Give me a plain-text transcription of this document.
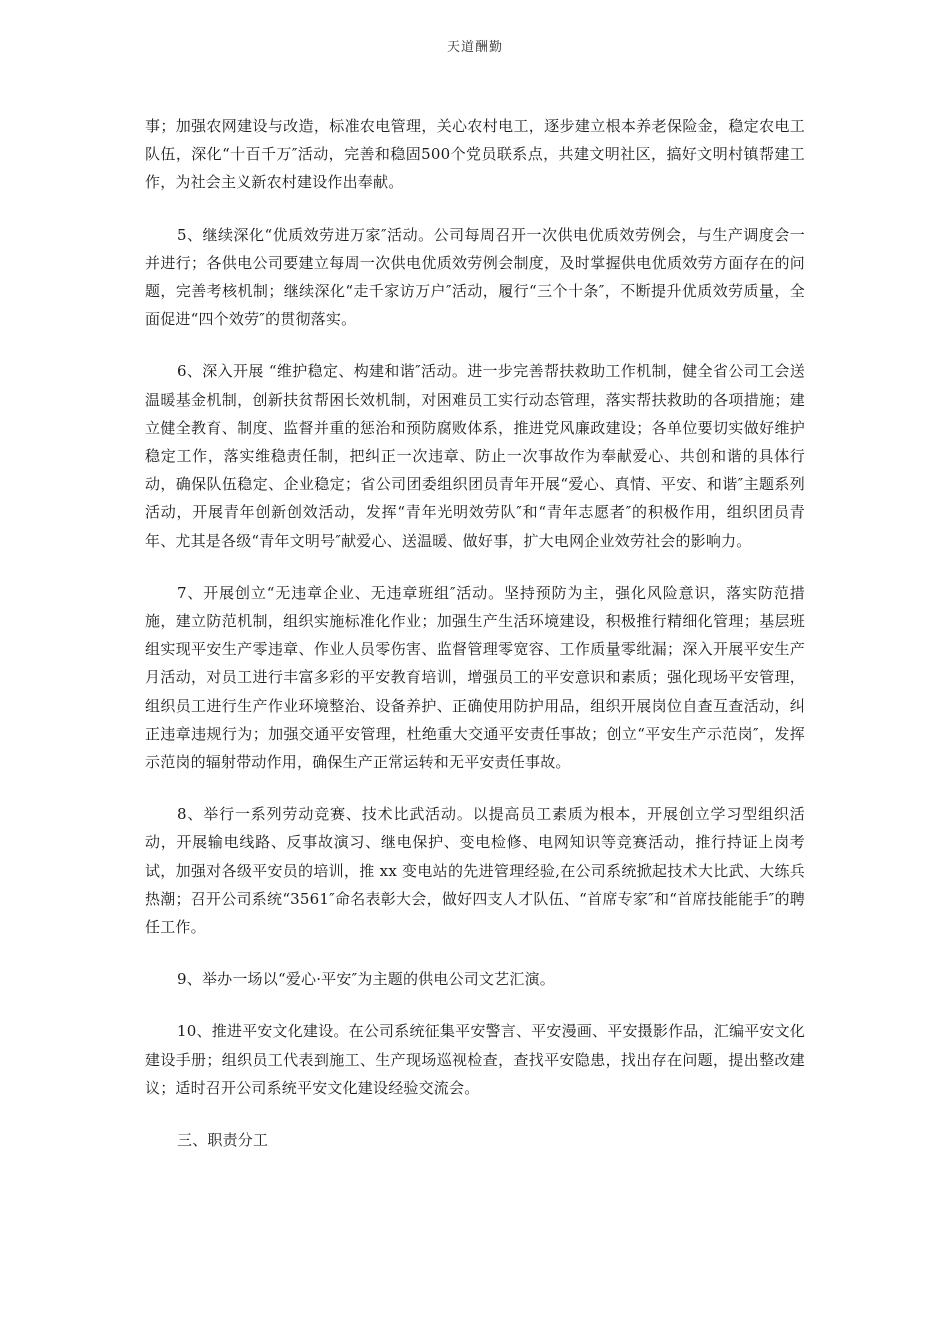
天道酬勤

事；加强农网建设与改造，标准农电管理，关心农村电工，逐步建立根本养老保险金，稳定农电工队伍，深化“十百千万″活动，完善和稳固500个党员联系点，共建文明社区，搞好文明村镇帮建工作，为社会主义新农村建设作出奉献。

5、继续深化“优质效劳进万家″活动。公司每周召开一次供电优质效劳例会，与生产调度会一并进行；各供电公司要建立每周一次供电优质效劳例会制度，及时掌握供电优质效劳方面存在的问题，完善考核机制；继续深化“走千家访万户″活动，履行“三个十条″，不断提升优质效劳质量，全面促进“四个效劳″的贯彻落实。

6、深入开展 “维护稳定、构建和谐″活动。进一步完善帮扶救助工作机制，健全省公司工会送温暖基金机制，创新扶贫帮困长效机制，对困难员工实行动态管理，落实帮扶救助的各项措施；建立健全教育、制度、监督并重的惩治和预防腐败体系，推进党风廉政建设；各单位要切实做好维护稳定工作，落实维稳责任制，把纠正一次违章、防止一次事故作为奉献爱心、共创和谐的具体行动，确保队伍稳定、企业稳定；省公司团委组织团员青年开展“爱心、真情、平安、和谐″主题系列活动，开展青年创新创效活动，发挥“青年光明效劳队″和“青年志愿者″的积极作用，组织团员青年、尤其是各级“青年文明号″献爱心、送温暖、做好事，扩大电网企业效劳社会的影响力。

7、开展创立“无违章企业、无违章班组″活动。坚持预防为主，强化风险意识，落实防范措施，建立防范机制，组织实施标准化作业；加强生产生活环境建设，积极推行精细化管理；基层班组实现平安生产零违章、作业人员零伤害、监督管理零宽容、工作质量零纰漏；深入开展平安生产月活动，对员工进行丰富多彩的平安教育培训，增强员工的平安意识和素质；强化现场平安管理，组织员工进行生产作业环境整治、设备养护、正确使用防护用品，组织开展岗位自查互查活动，纠正违章违规行为；加强交通平安管理，杜绝重大交通平安责任事故；创立“平安生产示范岗″，发挥示范岗的辐射带动作用，确保生产正常运转和无平安责任事故。

8、举行一系列劳动竞赛、技术比武活动。以提高员工素质为根本，开展创立学习型组织活动，开展输电线路、反事故演习、继电保护、变电检修、电网知识等竞赛活动，推行持证上岗考试，加强对各级平安员的培训，推 xx 变电站的先进管理经验,在公司系统掀起技术大比武、大练兵热潮；召开公司系统“3561″命名表彰大会，做好四支人才队伍、“首席专家″和“首席技能能手″的聘任工作。

9、举办一场以“爱心·平安″为主题的供电公司文艺汇演。

10、推进平安文化建设。在公司系统征集平安警言、平安漫画、平安摄影作品，汇编平安文化建设手册；组织员工代表到施工、生产现场巡视检查，查找平安隐患，找出存在问题，提出整改建议；适时召开公司系统平安文化建设经验交流会。

三、职责分工
